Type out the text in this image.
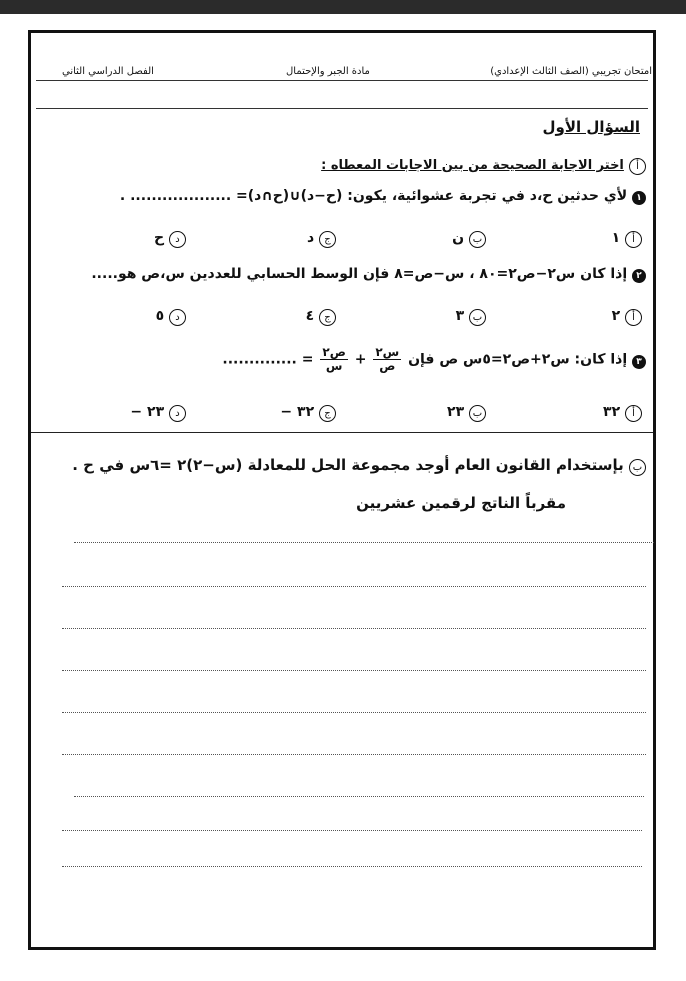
امتحان تجريبي (الصف الثالث الإعدادي)
مادة الجبر والإحتمال
الفصل الدراسي الثاني
السؤال الأول
أ اختر الاجابة الصحيحة من بين الاجابات المعطاه :
١ لأي حدثين ح،د في تجربة عشوائية، يكون: (ح−د)∪(ح∩د)= ................... .
أ ١
ب ن
ج د
د ح
٢ إذا كان س٢−ص٢=٨٠ ، س−ص=٨ فإن الوسط الحسابي للعددين س،ص هو.....
أ ٢
ب ٣
ج ٤
د ٥
٣ إذا كان: س٢+ص٢=٥س ص فإن
$\frac{\text{س٢}}{\text{ص}}$
+
$\frac{\text{ص٢}}{\text{س}}$
= ..............
أ ٣٢
ب ٢٣
ج ٣٢ −
د ٢٣ −
ب بإستخدام القانون العام أوجد مجموعة الحل للمعادلة (س−٢)٢ =٦س في ح .
مقرباً الناتج لرقمين عشريين
